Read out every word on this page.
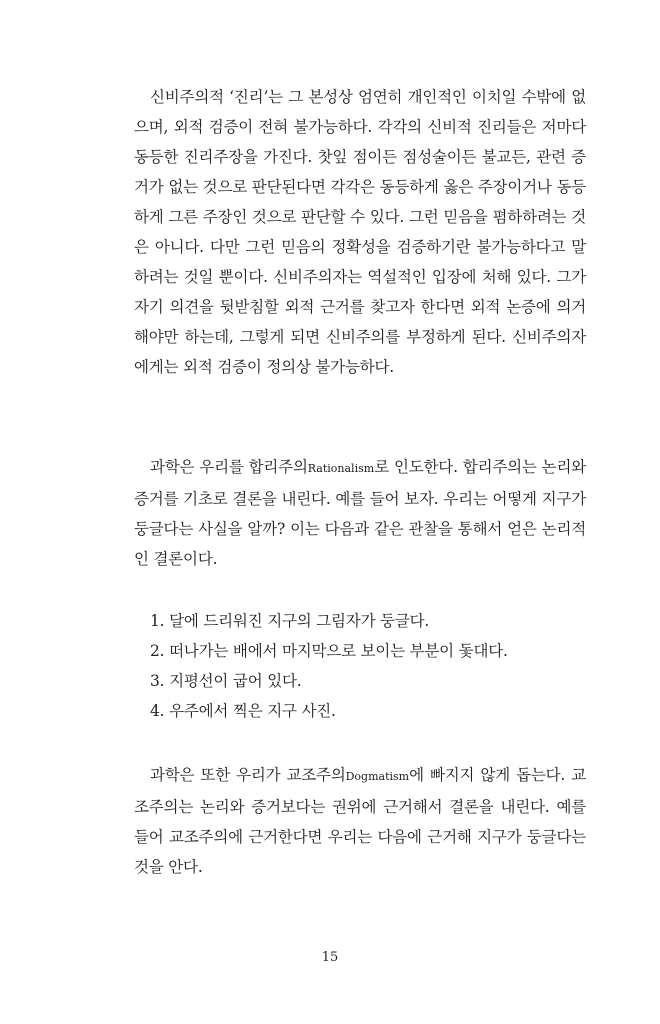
신비주의적 ‘진리’는 그 본성상 엄연히 개인적인 이치일 수밖에 없으며, 외적 검증이 전혀 불가능하다. 각각의 신비적 진리들은 저마다 동등한 진리주장을 가진다. 찻잎 점이든 점성술이든 불교든, 관련 증거가 없는 것으로 판단된다면 각각은 동등하게 옳은 주장이거나 동등하게 그른 주장인 것으로 판단할 수 있다. 그런 믿음을 폄하하려는 것은 아니다. 다만 그런 믿음의 정확성을 검증하기란 불가능하다고 말하려는 것일 뿐이다. 신비주의자는 역설적인 입장에 처해 있다. 그가 자기 의견을 뒷받침할 외적 근거를 찾고자 한다면 외적 논증에 의거해야만 하는데, 그렇게 되면 신비주의를 부정하게 된다. 신비주의자에게는 외적 검증이 정의상 불가능하다.

과학은 우리를 합리주의Rationalism로 인도한다. 합리주의는 논리와 증거를 기초로 결론을 내린다. 예를 들어 보자. 우리는 어떻게 지구가 둥글다는 사실을 알까? 이는 다음과 같은 관찰을 통해서 얻은 논리적인 결론이다.

1. 달에 드리워진 지구의 그림자가 둥글다.
2. 떠나가는 배에서 마지막으로 보이는 부분이 돛대다.
3. 지평선이 굽어 있다.
4. 우주에서 찍은 지구 사진.

과학은 또한 우리가 교조주의Dogmatism에 빠지지 않게 돕는다. 교조주의는 논리와 증거보다는 권위에 근거해서 결론을 내린다. 예를 들어 교조주의에 근거한다면 우리는 다음에 근거해 지구가 둥글다는 것을 안다.

15
